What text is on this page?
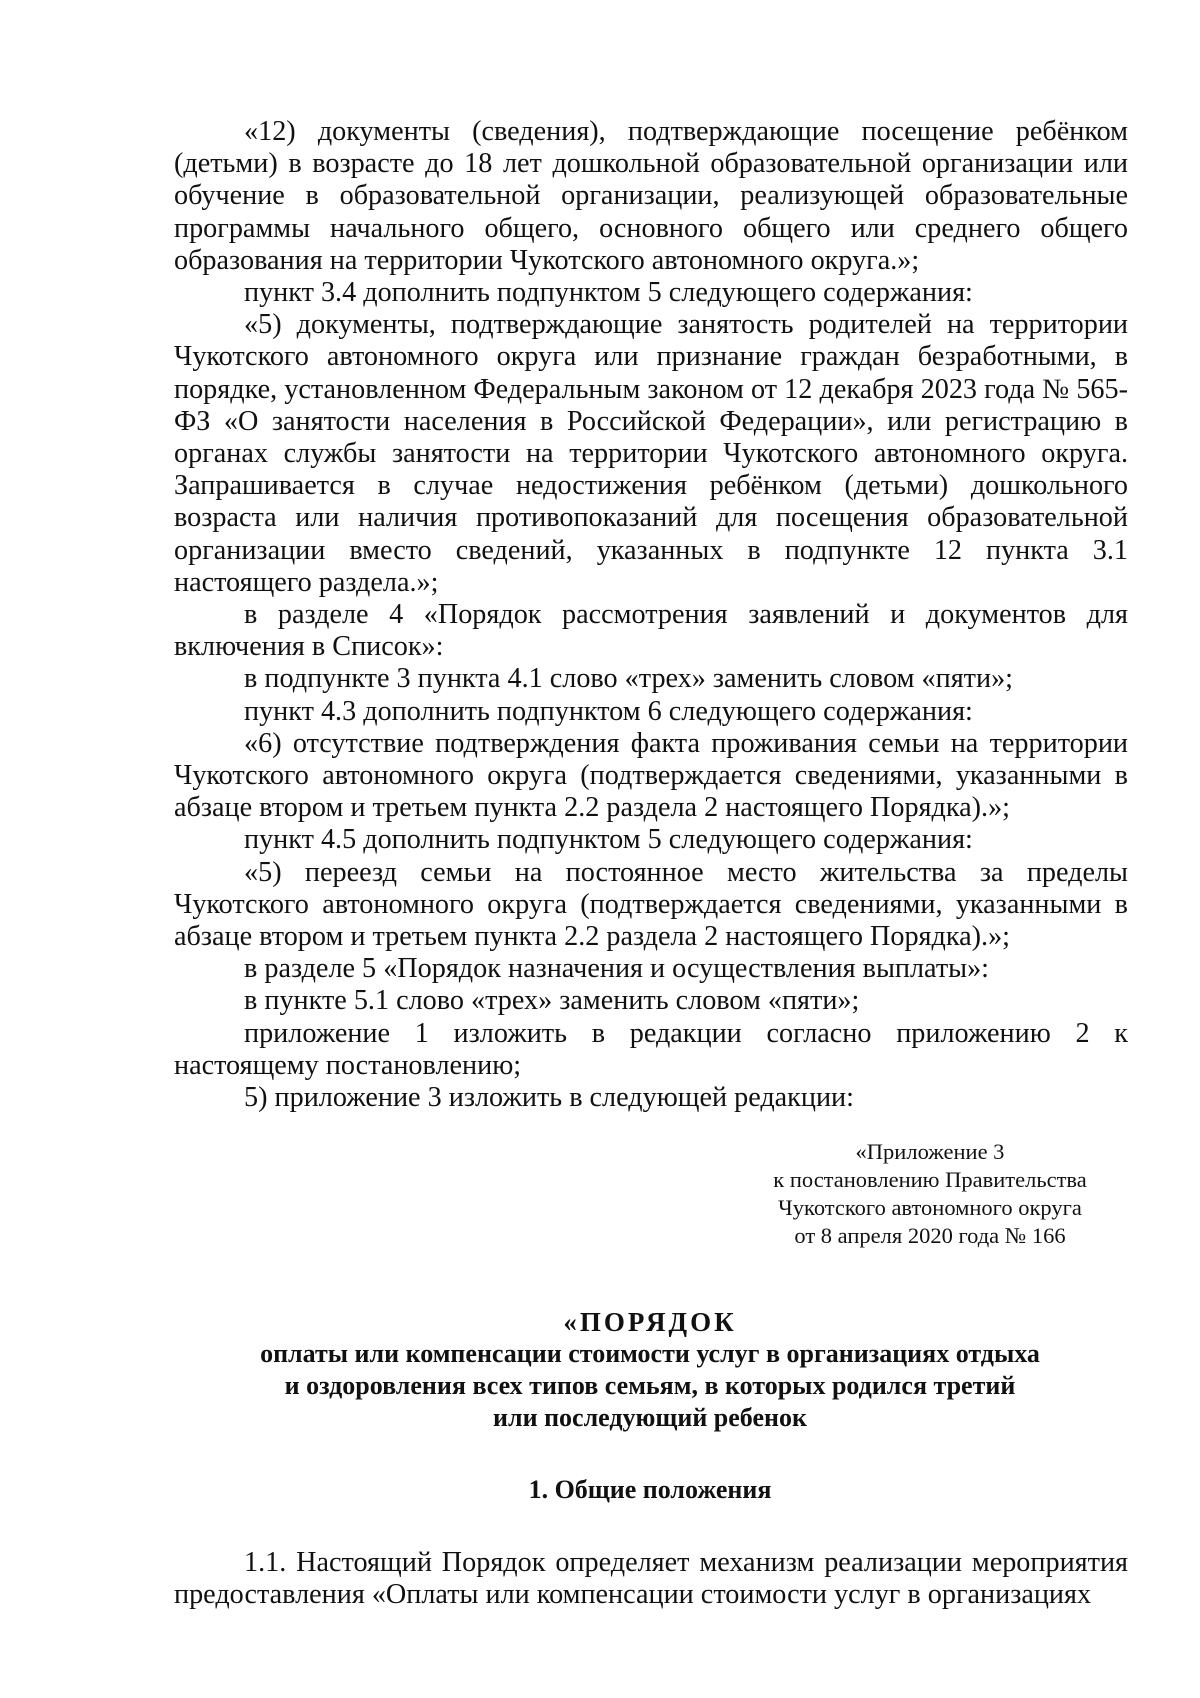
«12) документы (сведения), подтверждающие посещение ребёнком (детьми) в возрасте до 18 лет дошкольной образовательной организации или обучение в образовательной организации, реализующей образовательные программы начального общего, основного общего или среднего общего образования на территории Чукотского автономного округа.»;

пункт 3.4 дополнить подпунктом 5 следующего содержания:

«5) документы, подтверждающие занятость родителей на территории Чукотского автономного округа или признание граждан безработными, в порядке, установленном Федеральным законом от 12 декабря 2023 года № 565-ФЗ «О занятости населения в Российской Федерации», или регистрацию в органах службы занятости на территории Чукотского автономного округа. Запрашивается в случае недостижения ребёнком (детьми) дошкольного возраста или наличия противопоказаний для посещения образовательной организации вместо сведений, указанных в подпункте 12 пункта 3.1 настоящего раздела.»;

в разделе 4 «Порядок рассмотрения заявлений и документов для включения в Список»:

в подпункте 3 пункта 4.1 слово «трех» заменить словом «пяти»;

пункт 4.3 дополнить подпунктом 6 следующего содержания:

«6) отсутствие подтверждения факта проживания семьи на территории Чукотского автономного округа (подтверждается сведениями, указанными в абзаце втором и третьем пункта 2.2 раздела 2 настоящего Порядка).»;

пункт 4.5 дополнить подпунктом 5 следующего содержания:

«5) переезд семьи на постоянное место жительства за пределы Чукотского автономного округа (подтверждается сведениями, указанными в абзаце втором и третьем пункта 2.2 раздела 2 настоящего Порядка).»;

в разделе 5 «Порядок назначения и осуществления выплаты»:

в пункте 5.1 слово «трех» заменить словом «пяти»;

приложение 1 изложить в редакции согласно приложению 2 к настоящему постановлению;

5) приложение 3 изложить в следующей редакции:

«Приложение 3
к постановлению Правительства
Чукотского автономного округа
от 8 апреля 2020 года № 166
«ПОРЯДОК
оплаты или компенсации стоимости услуг в организациях отдыха
и оздоровления всех типов семьям, в которых родился третий
или последующий ребенок
1. Общие положения

1.1. Настоящий Порядок определяет механизм реализации мероприятия предоставления «Оплаты или компенсации стоимости услуг в организациях
